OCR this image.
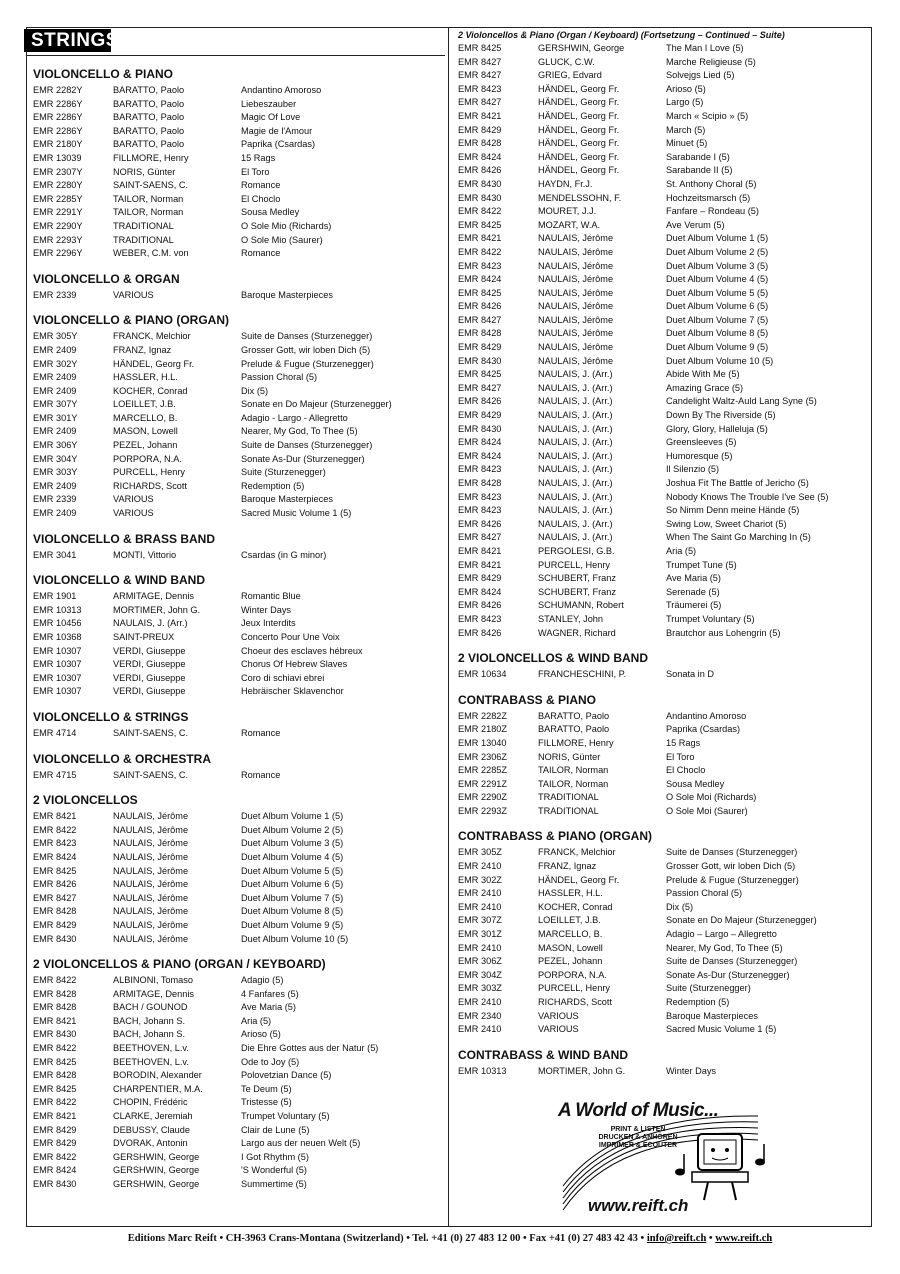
STRINGS
VIOLONCELLO & PIANO
EMR 2282Y	BARATTO, Paolo	Andantino Amoroso
EMR 2286Y	BARATTO, Paolo	Liebeszauber
EMR 2286Y	BARATTO, Paolo	Magic Of Love
EMR 2286Y	BARATTO, Paolo	Magie de l'Amour
EMR 2180Y	BARATTO, Paolo	Paprika (Csardas)
EMR 13039	FILLMORE, Henry	15 Rags
EMR 2307Y	NORIS, Günter	El Toro
EMR 2280Y	SAINT-SAENS, C.	Romance
EMR 2285Y	TAILOR, Norman	El Choclo
EMR 2291Y	TAILOR, Norman	Sousa Medley
EMR 2290Y	TRADITIONAL	O Sole Mio (Richards)
EMR 2293Y	TRADITIONAL	O Sole Mio (Saurer)
EMR 2296Y	WEBER, C.M. von	Romance
VIOLONCELLO & ORGAN
EMR 2339	VARIOUS	Baroque Masterpieces
VIOLONCELLO & PIANO (ORGAN)
EMR 305Y	FRANCK, Melchior	Suite de Danses (Sturzenegger)
EMR 2409	FRANZ, Ignaz	Grosser Gott, wir loben Dich (5)
EMR 302Y	HÄNDEL, Georg Fr.	Prelude & Fugue (Sturzenegger)
EMR 2409	HASSLER, H.L.	Passion Choral (5)
EMR 2409	KOCHER, Conrad	Dix (5)
EMR 307Y	LOEILLET, J.B.	Sonate en Do Majeur (Sturzenegger)
EMR 301Y	MARCELLO, B.	Adagio - Largo - Allegretto
EMR 2409	MASON, Lowell	Nearer, My God, To Thee (5)
EMR 306Y	PEZEL, Johann	Suite de Danses (Sturzenegger)
EMR 304Y	PORPORA, N.A.	Sonate As-Dur (Sturzenegger)
EMR 303Y	PURCELL, Henry	Suite (Sturzenegger)
EMR 2409	RICHARDS, Scott	Redemption (5)
EMR 2339	VARIOUS	Baroque Masterpieces
EMR 2409	VARIOUS	Sacred Music Volume 1 (5)
VIOLONCELLO & BRASS BAND
EMR 3041	MONTI, Vittorio	Csardas (in G minor)
VIOLONCELLO & WIND BAND
EMR 1901	ARMITAGE, Dennis	Romantic Blue
EMR 10313	MORTIMER, John G.	Winter Days
EMR 10456	NAULAIS, J. (Arr.)	Jeux Interdits
EMR 10368	SAINT-PREUX	Concerto Pour Une Voix
EMR 10307	VERDI, Giuseppe	Choeur des esclaves hébreux
EMR 10307	VERDI, Giuseppe	Chorus Of Hebrew Slaves
EMR 10307	VERDI, Giuseppe	Coro di schiavi ebrei
EMR 10307	VERDI, Giuseppe	Hebräischer Sklavenchor
VIOLONCELLO & STRINGS
EMR 4714	SAINT-SAENS, C.	Romance
VIOLONCELLO & ORCHESTRA
EMR 4715	SAINT-SAENS, C.	Romance
2 VIOLONCELLOS
EMR 8421	NAULAIS, Jérôme	Duet Album Volume 1 (5)
EMR 8422	NAULAIS, Jérôme	Duet Album Volume 2 (5)
EMR 8423	NAULAIS, Jérôme	Duet Album Volume 3 (5)
EMR 8424	NAULAIS, Jérôme	Duet Album Volume 4 (5)
EMR 8425	NAULAIS, Jérôme	Duet Album Volume 5 (5)
EMR 8426	NAULAIS, Jérôme	Duet Album Volume 6 (5)
EMR 8427	NAULAIS, Jérôme	Duet Album Volume 7 (5)
EMR 8428	NAULAIS, Jérôme	Duet Album Volume 8 (5)
EMR 8429	NAULAIS, Jérôme	Duet Album Volume 9 (5)
EMR 8430	NAULAIS, Jérôme	Duet Album Volume 10 (5)
2 VIOLONCELLOS & PIANO (ORGAN / KEYBOARD)
EMR 8422	ALBINONI, Tomaso	Adagio (5)
EMR 8428	ARMITAGE, Dennis	4 Fanfares (5)
EMR 8428	BACH / GOUNOD	Ave Maria (5)
EMR 8421	BACH, Johann S.	Aria (5)
EMR 8430	BACH, Johann S.	Arioso (5)
EMR 8422	BEETHOVEN, L.v.	Die Ehre Gottes aus der Natur (5)
EMR 8425	BEETHOVEN, L.v.	Ode to Joy (5)
EMR 8428	BORODIN, Alexander	Polovetzian Dance (5)
EMR 8425	CHARPENTIER, M.A.	Te Deum (5)
EMR 8422	CHOPIN, Frédéric	Tristesse (5)
EMR 8421	CLARKE, Jeremiah	Trumpet Voluntary (5)
EMR 8429	DEBUSSY, Claude	Clair de Lune (5)
EMR 8429	DVORAK, Antonin	Largo aus der neuen Welt (5)
EMR 8422	GERSHWIN, George	I Got Rhythm (5)
EMR 8424	GERSHWIN, George	'S Wonderful (5)
EMR 8430	GERSHWIN, George	Summertime (5)
2 Violoncellos & Piano (Organ / Keyboard) (Fortsetzung – Continued – Suite)
EMR 8425	GERSHWIN, George	The Man I Love (5)
EMR 8427	GLUCK, C.W.	Marche Religieuse (5)
EMR 8427	GRIEG, Edvard	Solvejgs Lied (5)
EMR 8423	HÄNDEL, Georg Fr.	Arioso (5)
EMR 8427	HÄNDEL, Georg Fr.	Largo (5)
EMR 8421	HÄNDEL, Georg Fr.	March « Scipio » (5)
EMR 8429	HÄNDEL, Georg Fr.	March (5)
EMR 8428	HÄNDEL, Georg Fr.	Minuet (5)
EMR 8424	HÄNDEL, Georg Fr.	Sarabande I (5)
EMR 8426	HÄNDEL, Georg Fr.	Sarabande II (5)
EMR 8430	HAYDN, Fr.J.	St. Anthony Choral (5)
EMR 8430	MENDELSSOHN, F.	Hochzeitsmarsch (5)
EMR 8422	MOURET, J.J.	Fanfare – Rondeau (5)
EMR 8425	MOZART, W.A.	Ave Verum (5)
EMR 8421	NAULAIS, Jérôme	Duet Album Volume 1 (5)
EMR 8422	NAULAIS, Jérôme	Duet Album Volume 2 (5)
EMR 8423	NAULAIS, Jérôme	Duet Album Volume 3 (5)
EMR 8424	NAULAIS, Jérôme	Duet Album Volume 4 (5)
EMR 8425	NAULAIS, Jérôme	Duet Album Volume 5 (5)
EMR 8426	NAULAIS, Jérôme	Duet Album Volume 6 (5)
EMR 8427	NAULAIS, Jérôme	Duet Album Volume 7 (5)
EMR 8428	NAULAIS, Jérôme	Duet Album Volume 8 (5)
EMR 8429	NAULAIS, Jérôme	Duet Album Volume 9 (5)
EMR 8430	NAULAIS, Jérôme	Duet Album Volume 10 (5)
EMR 8425	NAULAIS, J. (Arr.)	Abide With Me (5)
EMR 8427	NAULAIS, J. (Arr.)	Amazing Grace (5)
EMR 8426	NAULAIS, J. (Arr.)	Candelight Waltz-Auld Lang Syne (5)
EMR 8429	NAULAIS, J. (Arr.)	Down By The Riverside (5)
EMR 8430	NAULAIS, J. (Arr.)	Glory, Glory, Halleluja (5)
EMR 8424	NAULAIS, J. (Arr.)	Greensleeves (5)
EMR 8424	NAULAIS, J. (Arr.)	Humoresque (5)
EMR 8423	NAULAIS, J. (Arr.)	Il Silenzio (5)
EMR 8428	NAULAIS, J. (Arr.)	Joshua Fit The Battle of Jericho (5)
EMR 8423	NAULAIS, J. (Arr.)	Nobody Knows The Trouble I've See (5)
EMR 8423	NAULAIS, J. (Arr.)	So Nimm Denn meine Hände (5)
EMR 8426	NAULAIS, J. (Arr.)	Swing Low, Sweet Chariot (5)
EMR 8427	NAULAIS, J. (Arr.)	When The Saint Go Marching In (5)
EMR 8421	PERGOLESI, G.B.	Aria (5)
EMR 8421	PURCELL, Henry	Trumpet Tune (5)
EMR 8429	SCHUBERT, Franz	Ave Maria (5)
EMR 8424	SCHUBERT, Franz	Serenade (5)
EMR 8426	SCHUMANN, Robert	Träumerei (5)
EMR 8423	STANLEY, John	Trumpet Voluntary (5)
EMR 8426	WAGNER, Richard	Brautchor aus Lohengrin (5)
2 VIOLONCELLOS & WIND BAND
EMR 10634	FRANCHESCHINI, P.	Sonata in D
CONTRABASS & PIANO
EMR 2282Z	BARATTO, Paolo	Andantino Amoroso
EMR 2180Z	BARATTO, Paolo	Paprika (Csardas)
EMR 13040	FILLMORE, Henry	15 Rags
EMR 2306Z	NORIS, Günter	El Toro
EMR 2285Z	TAILOR, Norman	El Choclo
EMR 2291Z	TAILOR, Norman	Sousa Medley
EMR 2290Z	TRADITIONAL	O Sole Moi (Richards)
EMR 2293Z	TRADITIONAL	O Sole Moi (Saurer)
CONTRABASS & PIANO (ORGAN)
EMR 305Z	FRANCK, Melchior	Suite de Danses (Sturzenegger)
EMR 2410	FRANZ, Ignaz	Grosser Gott, wir loben Dich (5)
EMR 302Z	HÄNDEL, Georg Fr.	Prelude & Fugue (Sturzenegger)
EMR 2410	HASSLER, H.L.	Passion Choral (5)
EMR 2410	KOCHER, Conrad	Dix (5)
EMR 307Z	LOEILLET, J.B.	Sonate en Do Majeur (Sturzenegger)
EMR 301Z	MARCELLO, B.	Adagio – Largo – Allegretto
EMR 2410	MASON, Lowell	Nearer, My God, To Thee (5)
EMR 306Z	PEZEL, Johann	Suite de Danses (Sturzenegger)
EMR 304Z	PORPORA, N.A.	Sonate As-Dur (Sturzenegger)
EMR 303Z	PURCELL, Henry	Suite (Sturzenegger)
EMR 2410	RICHARDS, Scott	Redemption (5)
EMR 2340	VARIOUS	Baroque Masterpieces
EMR 2410	VARIOUS	Sacred Music Volume 1 (5)
CONTRABASS & WIND BAND
EMR 10313	MORTIMER, John G.	Winter Days
A World of Music...
PRINT & LISTEN
DRUCKEN & ANHÖREN
IMPRIMER & ECOUTER
www.reift.ch
Editions Marc Reift • CH-3963 Crans-Montana (Switzerland) • Tel. +41 (0) 27 483 12 00 • Fax +41 (0) 27 483 42 43 • info@reift.ch • www.reift.ch
